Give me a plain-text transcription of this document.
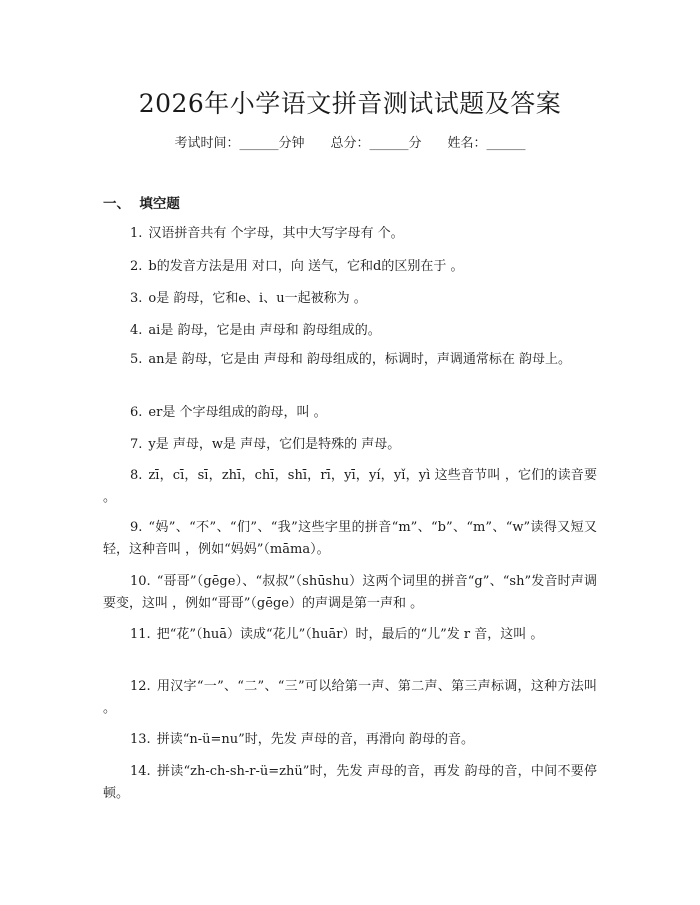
2026年小学语文拼音测试试题及答案
考试时间：______分钟 总分：______分 姓名：______
一、  填空题
1. 汉语拼音共有 个字母，其中大写字母有 个。
2. b的发音方法是用 对口，向 送气，它和d的区别在于 。
3. o是 韵母，它和e、i、u一起被称为 。
4. ai是 韵母，它是由 声母和 韵母组成的。
5. an是 韵母，它是由 声母和 韵母组成的，标调时，声调通常标在 韵母上。
6. er是 个字母组成的韵母，叫 。
7. y是 声母，w是 声母，它们是特殊的 声母。
8. zī，cī，sī，zhī，chī，shī，rī，yī，yí，yǐ，yì 这些音节叫 ，它们的读音要 。
9. “妈”、“不”、“们”、“我”这些字里的拼音“m”、“b”、“m”、“w”读得又短又轻，这种音叫 ，例如“妈妈”（māma）。
10. “哥哥”（gēge）、“叔叔”（shūshu）这两个词里的拼音“g”、“sh”发音时声调要变，这叫 ，例如“哥哥”（gēge）的声调是第一声和 。
11. 把“花”（huā）读成“花儿”（huār）时，最后的“儿”发 r 音，这叫 。
12. 用汉字“一”、“二”、“三”可以给第一声、第二声、第三声标调，这种方法叫 。
13. 拼读“n-ü=nu”时，先发 声母的音，再滑向 韵母的音。
14. 拼读“zh-ch-sh-r-ü=zhü”时，先发 声母的音，再发 韵母的音，中间不要停顿。
